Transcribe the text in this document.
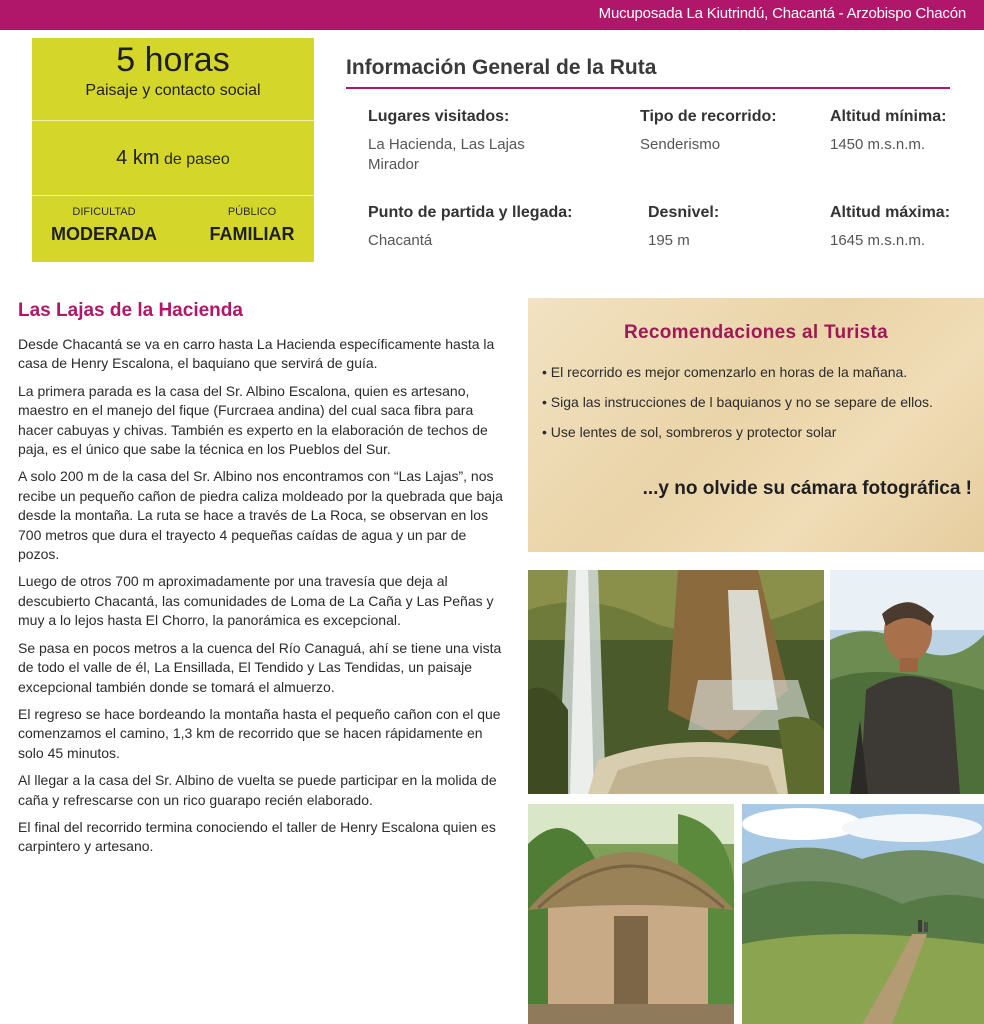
Mucuposada La Kiutrindú, Chacantá - Arzobispo Chacón
5 horas
Paisaje y contacto social
4 km de paseo
DIFICULTAD
MODERADA
PÚBLICO
FAMILIAR
Información General de la Ruta
Lugares visitados:
La Hacienda, Las Lajas
Mirador
Tipo de recorrido:
Senderismo
Altitud mínima:
1450 m.s.n.m.
Punto de partida y llegada:
Chacantá
Desnivel:
195 m
Altitud máxima:
1645 m.s.n.m.
Las Lajas de la Hacienda

Desde Chacantá se va en carro hasta La Hacienda específicamente hasta la casa de Henry Escalona, el baquiano que servirá de guía.

La primera parada es la casa del Sr. Albino Escalona, quien es artesano, maestro en el manejo del fique (Furcraea andina) del cual saca fibra para hacer cabuyas y chivas. También es experto en la elaboración de techos de paja, es el único que sabe la técnica en los Pueblos del Sur.

A solo 200 m de la casa del Sr. Albino nos encontramos con “Las Lajas”, nos recibe un pequeño cañon de piedra caliza moldeado por la quebrada que baja desde la montaña. La ruta se hace a través de La Roca, se observan en los 700 metros que dura el trayecto 4 pequeñas caídas de agua y un par de pozos.

Luego de otros 700 m aproximadamente por una travesía que deja al descubierto Chacantá, las comunidades de Loma de La Caña y Las Peñas y muy a lo lejos hasta El Chorro, la panorámica es excepcional.

Se pasa en pocos metros a la cuenca del Río Canaguá, ahí se tiene una vista de todo el valle de él, La Ensillada, El Tendido y Las Tendidas, un paisaje excepcional también donde se tomará el almuerzo.

El regreso se hace bordeando la montaña hasta el pequeño cañon con el que comenzamos el camino, 1,3 km de recorrido que se hacen rápidamente en solo 45 minutos.

Al llegar a la casa del Sr. Albino de vuelta se puede participar en la molida de caña y refrescarse con un rico guarapo recién elaborado.

El final del recorrido termina conociendo el taller de Henry Escalona quien es carpintero y artesano.

Recomendaciones al Turista
• El recorrido es mejor comenzarlo en horas de la mañana.
• Siga las instrucciones de l baquianos y no se separe de ellos.
• Use lentes de sol, sombreros y protector solar
...y no olvide su cámara fotográfica !
